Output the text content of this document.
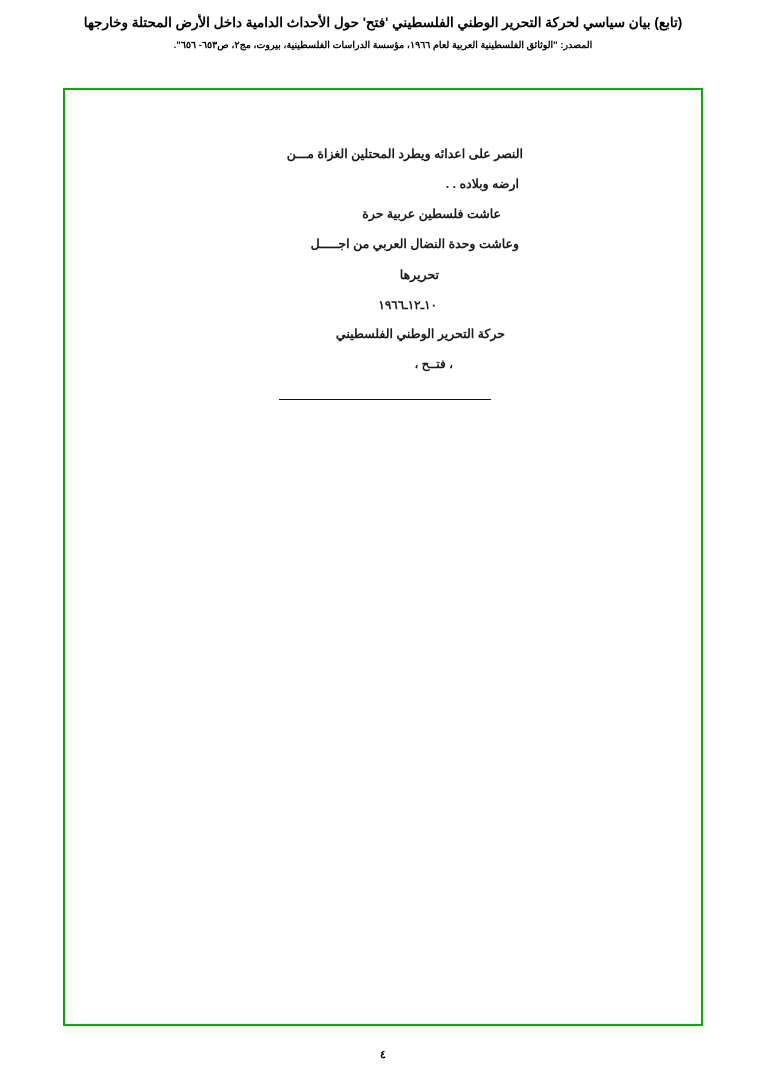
(تابع) بيان سياسي لحركة التحرير الوطني الفلسطيني 'فتح' حول الأحداث الدامية داخل الأرض المحتلة وخارجها
المصدر: "الوثائق الفلسطينية العربية لعام ١٩٦٦، مؤسسة الدراسات الفلسطينية، بيروت، مج٢، ص٦٥٣- ٦٥٦".
النصر على اعدائه ويطرد المحتلين الغزاة مـــن
ارضه وبلاده . .
عاشت فلسطين عربية حرة
وعاشت وحدة النضال العربي من اجـــــل
تحريرها
١٠ـ١٢ـ١٩٦٦
حركة التحرير الوطني الفلسطيني
، فتــح ،
٤
